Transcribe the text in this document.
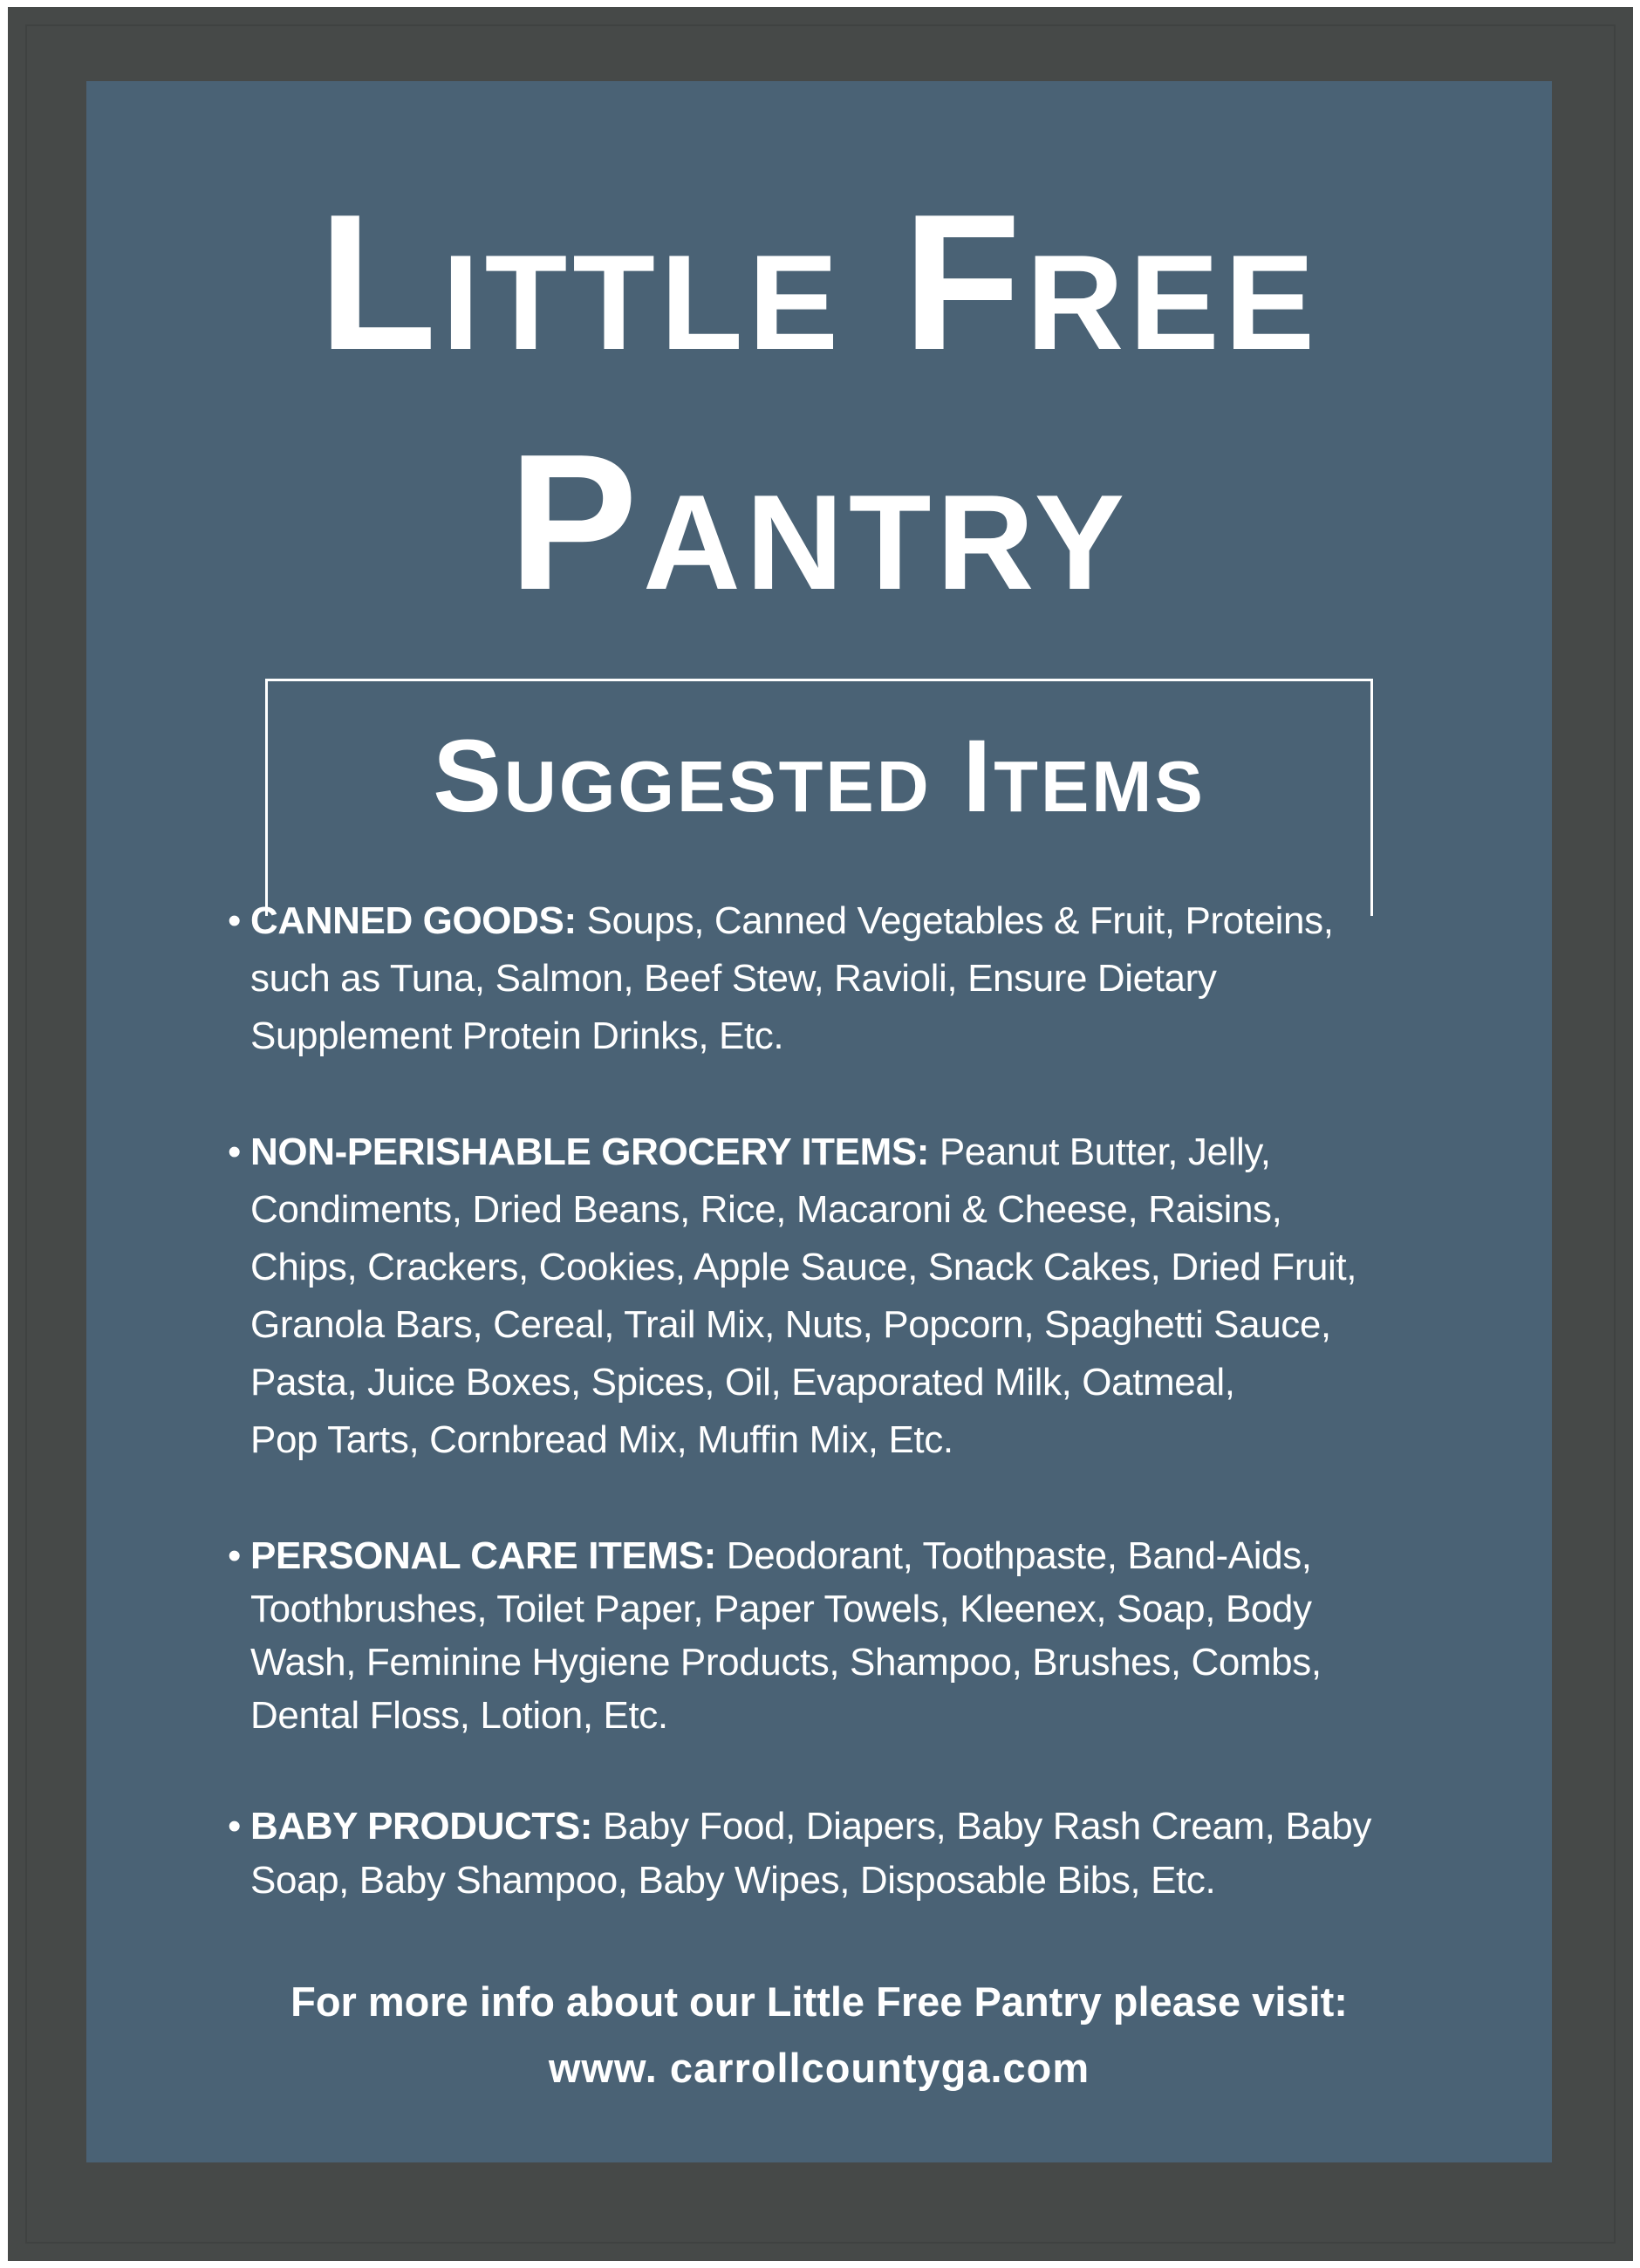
Little Free
Pantry
Suggested Items
• CANNED GOODS: Soups, Canned Vegetables & Fruit, Proteins,
such as Tuna, Salmon, Beef Stew, Ravioli, Ensure Dietary
Supplement Protein Drinks, Etc.
• NON-PERISHABLE GROCERY ITEMS: Peanut Butter, Jelly,
Condiments, Dried Beans, Rice, Macaroni & Cheese, Raisins,
Chips, Crackers, Cookies, Apple Sauce, Snack Cakes, Dried Fruit,
Granola Bars, Cereal, Trail Mix, Nuts, Popcorn, Spaghetti Sauce,
Pasta, Juice Boxes, Spices, Oil, Evaporated Milk, Oatmeal,
Pop Tarts, Cornbread Mix, Muffin Mix, Etc.
• PERSONAL CARE ITEMS: Deodorant, Toothpaste, Band-Aids,
Toothbrushes, Toilet Paper, Paper Towels, Kleenex, Soap, Body
Wash, Feminine Hygiene Products, Shampoo, Brushes, Combs,
Dental Floss, Lotion, Etc.
• BABY PRODUCTS: Baby Food, Diapers, Baby Rash Cream, Baby
Soap, Baby Shampoo, Baby Wipes, Disposable Bibs, Etc.
For more info about our Little Free Pantry please visit:
www. carrollcountyga.com
